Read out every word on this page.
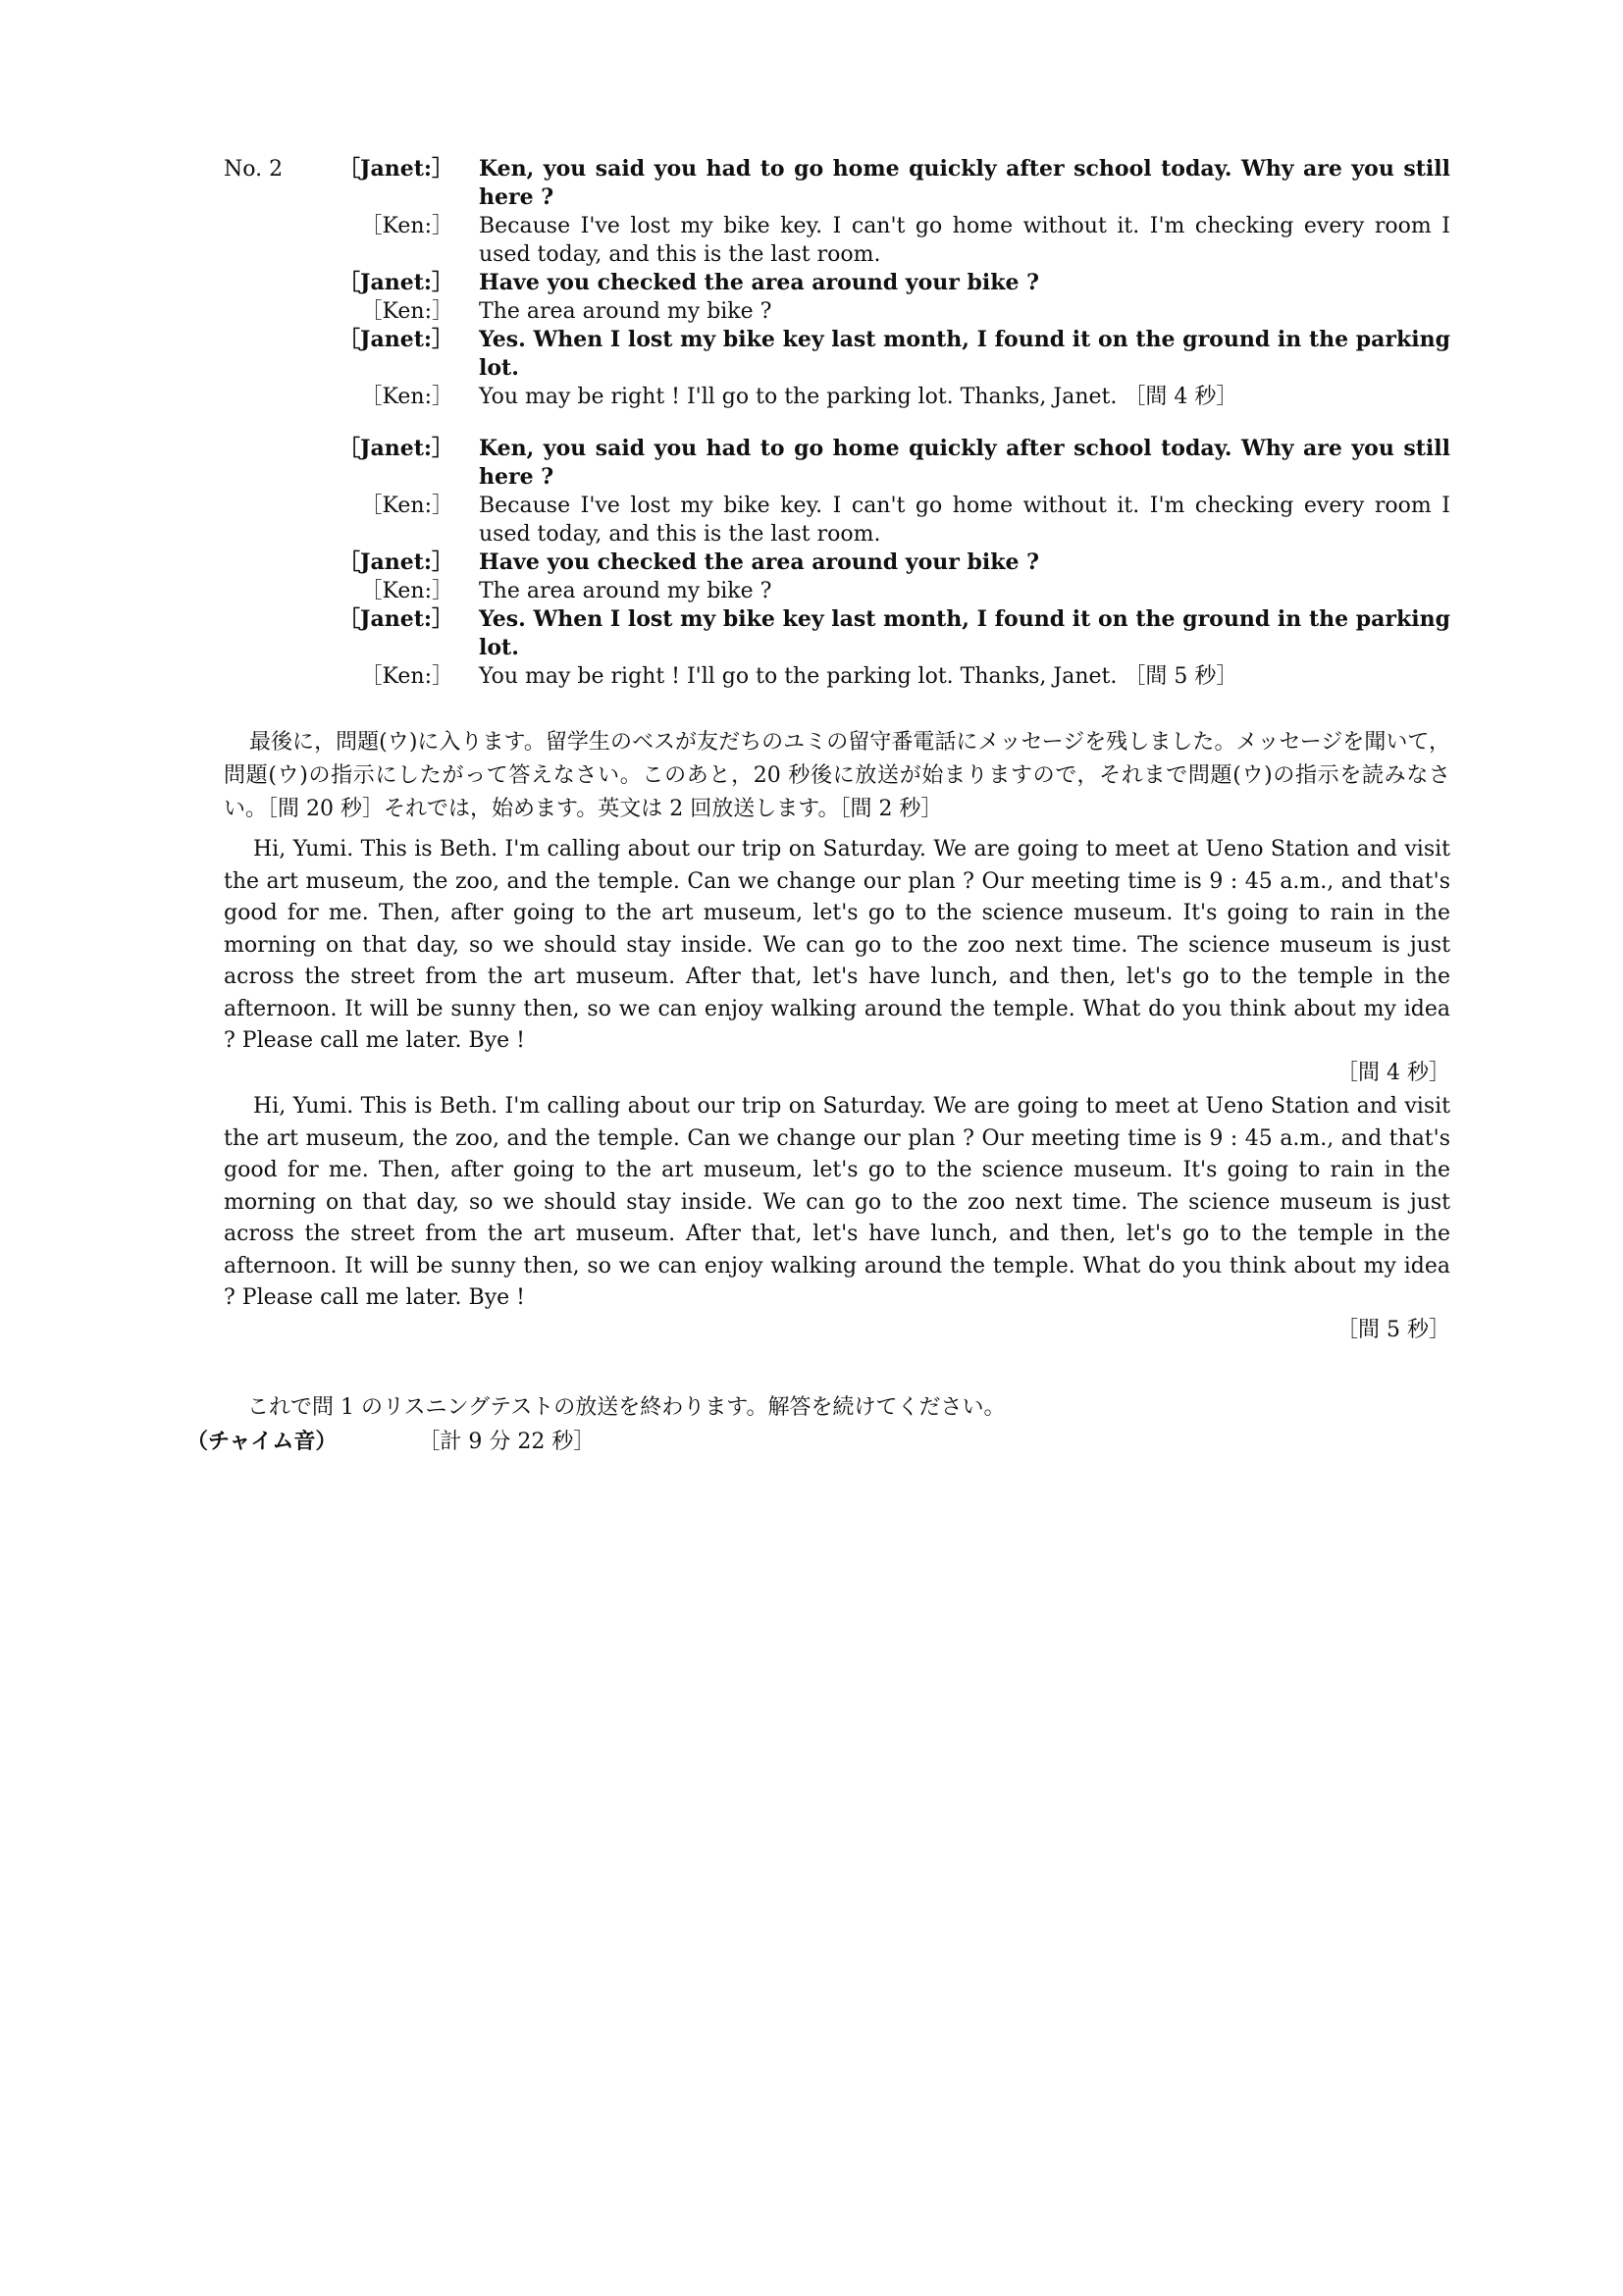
No. 2	［Janet:］	Ken, you said you had to go home quickly after school today. Why are you still here ?
［Ken:］	Because I've lost my bike key. I can't go home without it. I'm checking every room I used today, and this is the last room.
［Janet:］	Have you checked the area around your bike ?
［Ken:］	The area around my bike ?
［Janet:］	Yes. When I lost my bike key last month, I found it on the ground in the parking lot.
［Ken:］	You may be right ! I'll go to the parking lot. Thanks, Janet. ［間 4 秒］
［Janet:］	Ken, you said you had to go home quickly after school today. Why are you still here ?
［Ken:］	Because I've lost my bike key. I can't go home without it. I'm checking every room I used today, and this is the last room.
［Janet:］	Have you checked the area around your bike ?
［Ken:］	The area around my bike ?
［Janet:］	Yes. When I lost my bike key last month, I found it on the ground in the parking lot.
［Ken:］	You may be right ! I'll go to the parking lot. Thanks, Janet. ［間 5 秒］
最後に，問題(ウ)に入ります。留学生のベスが友だちのユミの留守番電話にメッセージを残しました。メッセージを聞いて，問題(ウ)の指示にしたがって答えなさい。このあと，20 秒後に放送が始まりますので，それまで問題(ウ)の指示を読みなさい。［間 20 秒］それでは，始めます。英文は 2 回放送します。［間 2 秒］
Hi, Yumi. This is Beth. I'm calling about our trip on Saturday. We are going to meet at Ueno Station and visit the art museum, the zoo, and the temple. Can we change our plan ? Our meeting time is 9 : 45 a.m., and that's good for me. Then, after going to the art museum, let's go to the science museum. It's going to rain in the morning on that day, so we should stay inside. We can go to the zoo next time. The science museum is just across the street from the art museum. After that, let's have lunch, and then, let's go to the temple in the afternoon. It will be sunny then, so we can enjoy walking around the temple. What do you think about my idea ? Please call me later. Bye !
［間 4 秒］
Hi, Yumi. This is Beth. I'm calling about our trip on Saturday. We are going to meet at Ueno Station and visit the art museum, the zoo, and the temple. Can we change our plan ? Our meeting time is 9 : 45 a.m., and that's good for me. Then, after going to the art museum, let's go to the science museum. It's going to rain in the morning on that day, so we should stay inside. We can go to the zoo next time. The science museum is just across the street from the art museum. After that, let's have lunch, and then, let's go to the temple in the afternoon. It will be sunny then, so we can enjoy walking around the temple. What do you think about my idea ? Please call me later. Bye !
［間 5 秒］
これで問 1 のリスニングテストの放送を終わります。解答を続けてください。
（チャイム音）	［計 9 分 22 秒］
